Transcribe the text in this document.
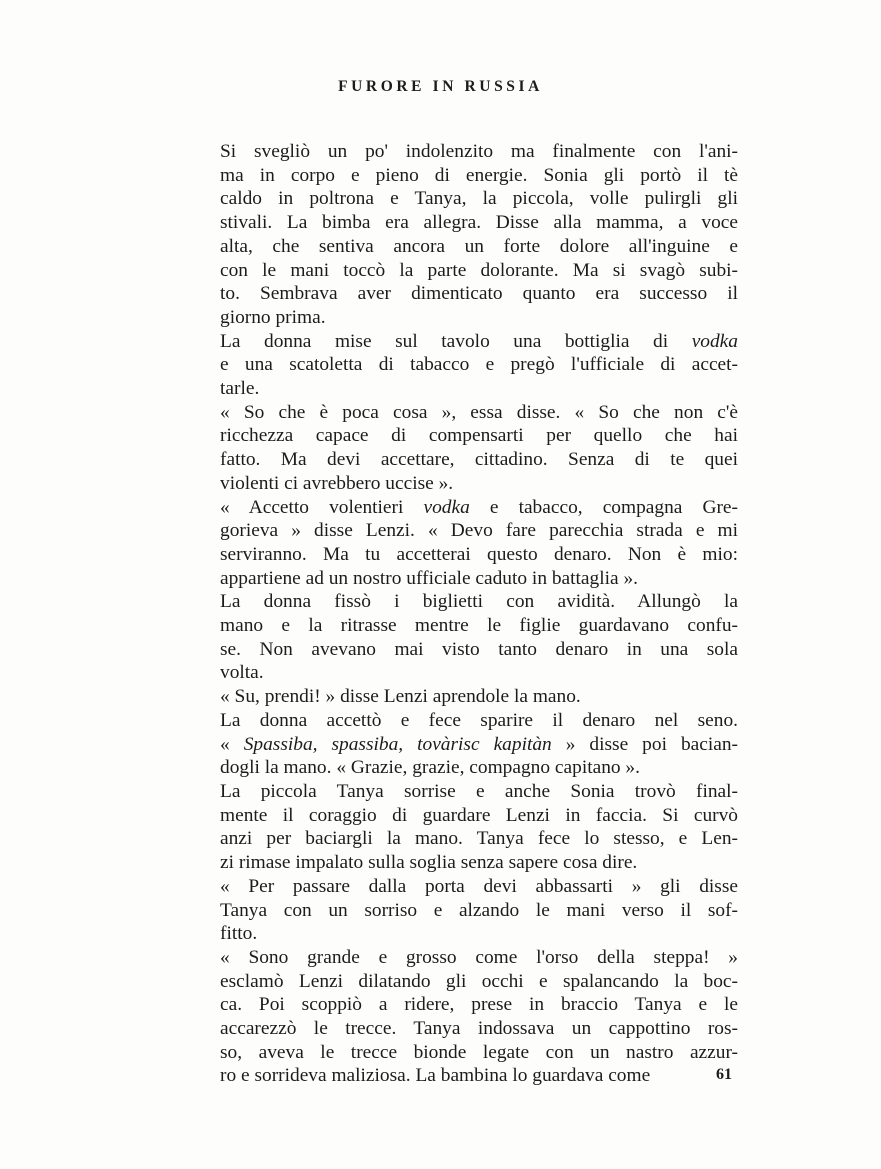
FURORE IN RUSSIA
Si svegliò un po' indolenzito ma finalmente con l'ani-
ma in corpo e pieno di energie. Sonia gli portò il tè
caldo in poltrona e Tanya, la piccola, volle pulirgli gli
stivali. La bimba era allegra. Disse alla mamma, a voce
alta, che sentiva ancora un forte dolore all'inguine e
con le mani toccò la parte dolorante. Ma si svagò subi-
to. Sembrava aver dimenticato quanto era successo il
giorno prima.
La donna mise sul tavolo una bottiglia di vodka
e una scatoletta di tabacco e pregò l'ufficiale di accet-
tarle.
« So che è poca cosa », essa disse. « So che non c'è
ricchezza capace di compensarti per quello che hai
fatto. Ma devi accettare, cittadino. Senza di te quei
violenti ci avrebbero uccise ».
« Accetto volentieri vodka e tabacco, compagna Gre-
gorieva » disse Lenzi. « Devo fare parecchia strada e mi
serviranno. Ma tu accetterai questo denaro. Non è mio:
appartiene ad un nostro ufficiale caduto in battaglia ».
La donna fissò i biglietti con avidità. Allungò la
mano e la ritrasse mentre le figlie guardavano confu-
se. Non avevano mai visto tanto denaro in una sola
volta.
« Su, prendi! » disse Lenzi aprendole la mano.
La donna accettò e fece sparire il denaro nel seno.
« Spassiba, spassiba, tovàrisc kapitàn » disse poi bacian-
dogli la mano. « Grazie, grazie, compagno capitano ».
La piccola Tanya sorrise e anche Sonia trovò final-
mente il coraggio di guardare Lenzi in faccia. Si curvò
anzi per baciargli la mano. Tanya fece lo stesso, e Len-
zi rimase impalato sulla soglia senza sapere cosa dire.
« Per passare dalla porta devi abbassarti » gli disse
Tanya con un sorriso e alzando le mani verso il sof-
fitto.
« Sono grande e grosso come l'orso della steppa! »
esclamò Lenzi dilatando gli occhi e spalancando la boc-
ca. Poi scoppiò a ridere, prese in braccio Tanya e le
accarezzò le trecce. Tanya indossava un cappottino ros-
so, aveva le trecce bionde legate con un nastro azzur-
ro e sorrideva maliziosa. La bambina lo guardava come	61
